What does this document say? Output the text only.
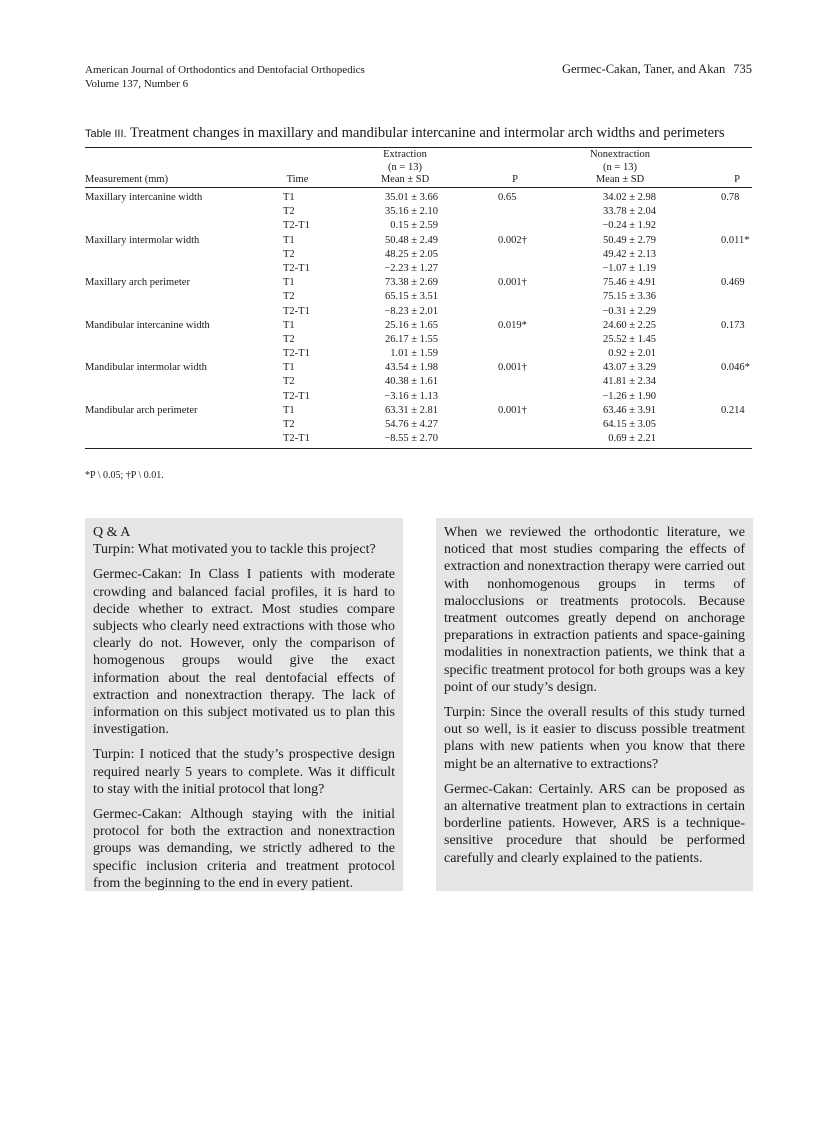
American Journal of Orthodontics and Dentofacial Orthopedics
Volume 137, Number 6
Germec-Cakan, Taner, and Akan 735
Table III. Treatment changes in maxillary and mandibular intercanine and intermolar arch widths and perimeters
Measurement (mm)	Time
Extraction
(n = 13)
Mean ± SD	P
Nonextraction
(n = 13)
Mean ± SD	P
Maxillary intercanine width	T1	35.01 ± 3.66	0.65	34.02 ± 2.98	0.78
T2	35.16 ± 2.10	33.78 ± 2.04
T2-T1	0.15 ± 2.59	−0.24 ± 1.92
Maxillary intermolar width	T1	50.48 ± 2.49	0.002†	50.49 ± 2.79	0.011*
T2	48.25 ± 2.05	49.42 ± 2.13
T2-T1	−2.23 ± 1.27	−1.07 ± 1.19
Maxillary arch perimeter	T1	73.38 ± 2.69	0.001†	75.46 ± 4.91	0.469
T2	65.15 ± 3.51	75.15 ± 3.36
T2-T1	−8.23 ± 2.01	−0.31 ± 2.29
Mandibular intercanine width	T1	25.16 ± 1.65	0.019*	24.60 ± 2.25	0.173
T2	26.17 ± 1.55	25.52 ± 1.45
T2-T1	1.01 ± 1.59	0.92 ± 2.01
Mandibular intermolar width	T1	43.54 ± 1.98	0.001†	43.07 ± 3.29	0.046*
T2	40.38 ± 1.61	41.81 ± 2.34
T2-T1	−3.16 ± 1.13	−1.26 ± 1.90
Mandibular arch perimeter	T1	63.31 ± 2.81	0.001†	63.46 ± 3.91	0.214
T2	54.76 ± 4.27	64.15 ± 3.05
T2-T1	−8.55 ± 2.70	0.69 ± 2.21
*P \ 0.05; †P \ 0.01.

Q & A

Turpin: What motivated you to tackle this project?

Germec-Cakan: In Class I patients with moderate crowding and balanced facial profiles, it is hard to decide whether to extract. Most studies compare subjects who clearly need extractions with those who clearly do not. However, only the comparison of homogenous groups would give the exact information about the real dentofacial effects of extraction and nonextraction therapy. The lack of information on this subject motivated us to plan this investigation.

Turpin: I noticed that the study’s prospective design required nearly 5 years to complete. Was it difficult to stay with the initial protocol that long?

Germec-Cakan: Although staying with the initial protocol for both the extraction and nonextraction groups was demanding, we strictly adhered to the specific inclusion criteria and treatment protocol from the beginning to the end in every patient.

When we reviewed the orthodontic literature, we noticed that most studies comparing the effects of extraction and nonextraction therapy were carried out with nonhomogenous groups in terms of malocclusions or treatments protocols. Because treatment outcomes greatly depend on anchorage preparations in extraction patients and space-gaining modalities in nonextraction patients, we think that a specific treatment protocol for both groups was a key point of our study’s design.

Turpin: Since the overall results of this study turned out so well, is it easier to discuss possible treatment plans with new patients when you know that there might be an alternative to extractions?

Germec-Cakan: Certainly. ARS can be proposed as an alternative treatment plan to extractions in certain borderline patients. However, ARS is a technique-sensitive procedure that should be performed carefully and clearly explained to the patients.
